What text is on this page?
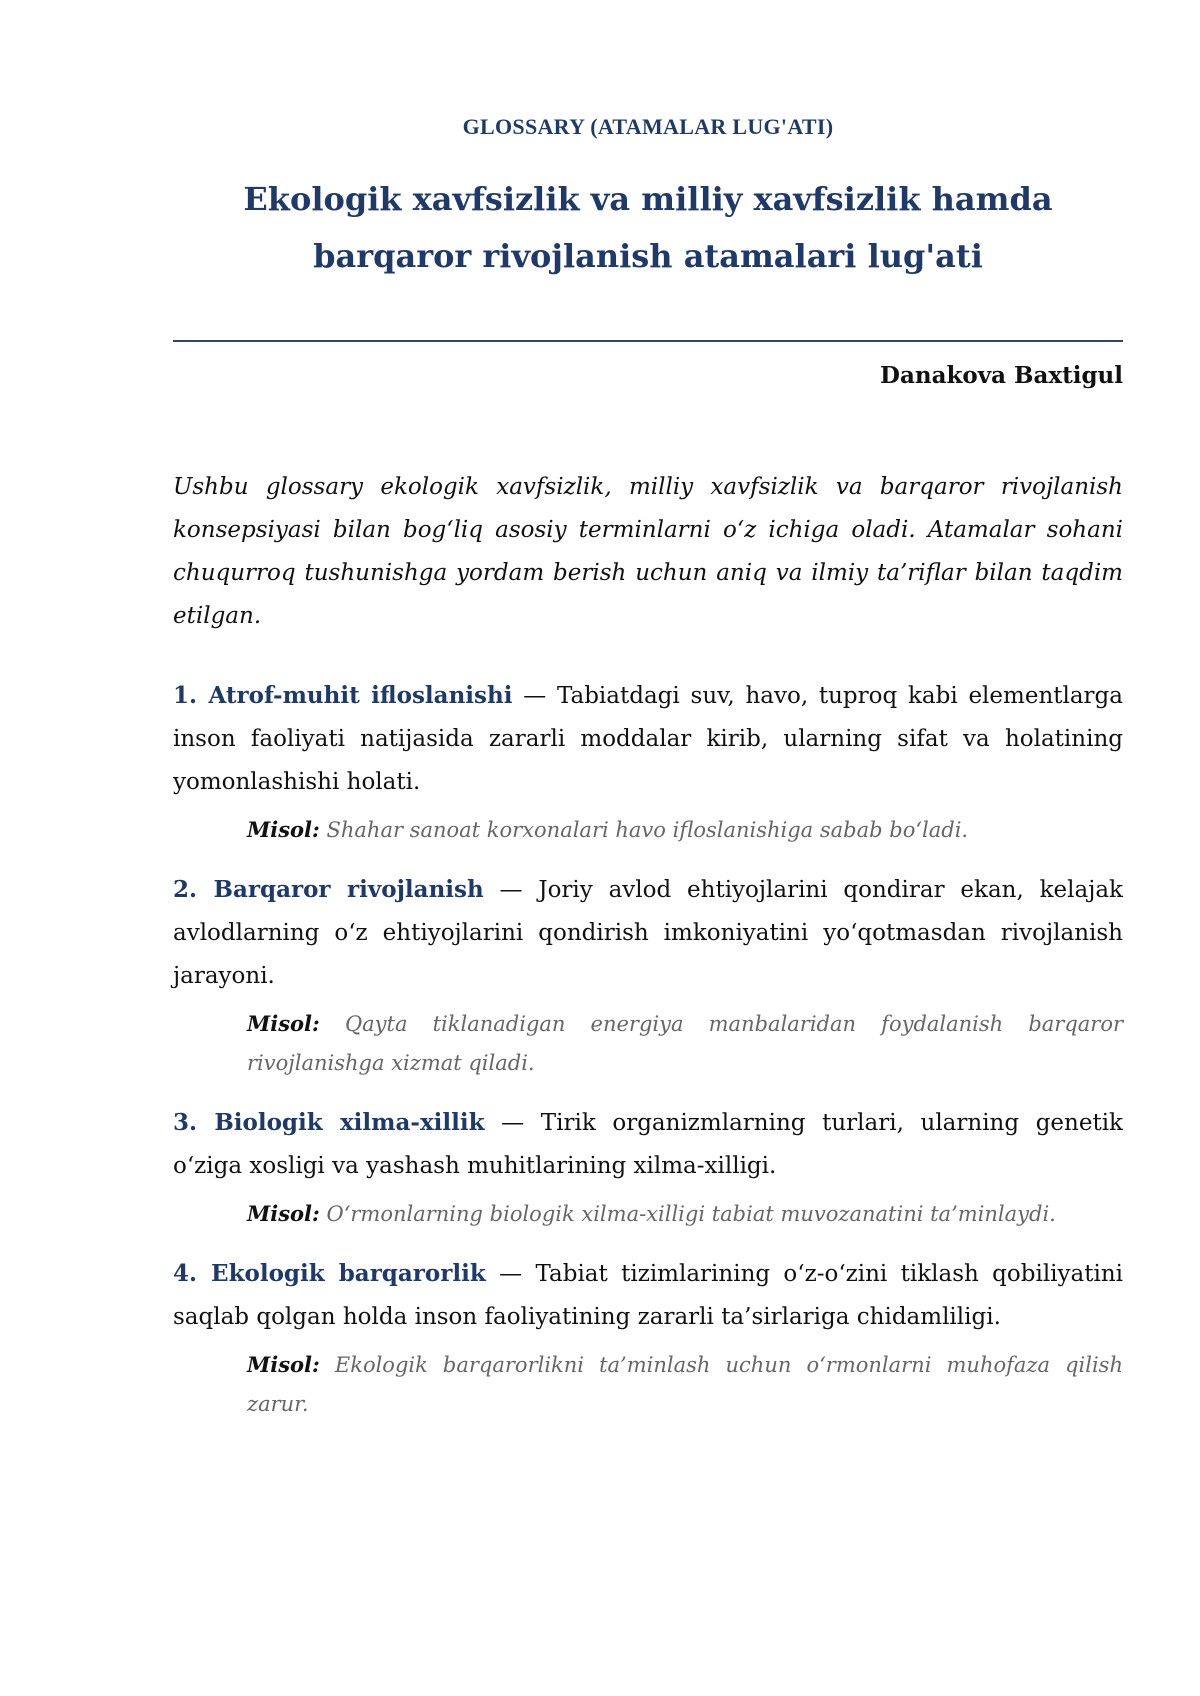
GLOSSARY (ATAMALAR LUG'ATI)
Ekologik xavfsizlik va milliy xavfsizlik hamda
barqaror rivojlanish atamalari lug'ati
Danakova Baxtigul

Ushbu glossary ekologik xavfsizlik, milliy xavfsizlik va barqaror rivojlanish konsepsiyasi bilan bog‘liq asosiy terminlarni o‘z ichiga oladi. Atamalar sohani chuqurroq tushunishga yordam berish uchun aniq va ilmiy ta’riflar bilan taqdim etilgan.

1. Atrof-muhit ifloslanishi — Tabiatdagi suv, havo, tuproq kabi elementlarga inson faoliyati natijasida zararli moddalar kirib, ularning sifat va holatining yomonlashishi holati.

Misol: Shahar sanoat korxonalari havo ifloslanishiga sabab bo‘ladi.

2. Barqaror rivojlanish — Joriy avlod ehtiyojlarini qondirar ekan, kelajak avlodlarning o‘z ehtiyojlarini qondirish imkoniyatini yo‘qotmasdan rivojlanish jarayoni.

Misol: Qayta tiklanadigan energiya manbalaridan foydalanish barqaror rivojlanishga xizmat qiladi.

3. Biologik xilma-xillik — Tirik organizmlarning turlari, ularning genetik o‘ziga xosligi va yashash muhitlarining xilma-xilligi.

Misol: O‘rmonlarning biologik xilma-xilligi tabiat muvozanatini ta’minlaydi.

4. Ekologik barqarorlik — Tabiat tizimlarining o‘z-o‘zini tiklash qobiliyatini saqlab qolgan holda inson faoliyatining zararli ta’sirlariga chidamliligi.

Misol: Ekologik barqarorlikni ta’minlash uchun o‘rmonlarni muhofaza qilish zarur.
